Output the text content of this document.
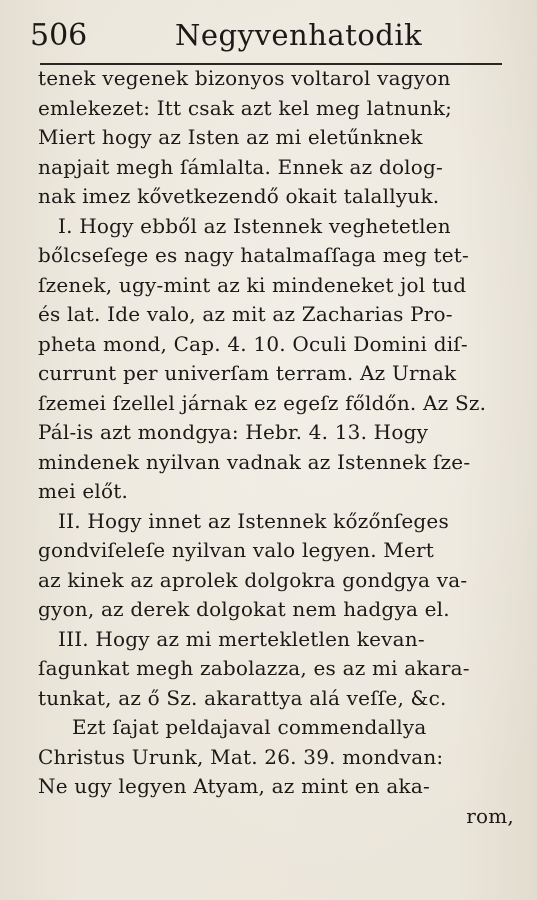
506	Negyvenhatodik
tenek vegenek bizonyos voltarol vagyon
emlekezet: Itt csak azt kel meg latnunk;
Miert hogy az Isten az mi eletűnknek
napjait megh ſámlalta. Ennek az dolog-
nak imez kővetkezendő okait talallyuk.
I. Hogy ebből az Istennek veghetetlen
bőlcseſege es nagy hatalmaſſaga meg tet-
ſzenek, ugy-mint az ki mindeneket jol tud
és lat. Ide valo, az mit az Zacharias Pro-
pheta mond, Cap. 4. 10. Oculi Domini diſ-
currunt per univerſam terram. Az Urnak
ſzemei ſzellel járnak ez egeſz főldőn. Az Sz.
Pál-is azt mondgya: Hebr. 4. 13. Hogy
mindenek nyilvan vadnak az Istennek ſze-
mei előt.
II. Hogy innet az Istennek kőzőnſeges
gondviſeleſe nyilvan valo legyen. Mert
az kinek az aprolek dolgokra gondgya va-
gyon, az derek dolgokat nem hadgya el.
III. Hogy az mi mertekletlen kevan-
ſagunkat megh zabolazza, es az mi akara-
tunkat, az ő Sz. akarattya alá veſſe, &c.
Ezt ſajat peldajaval commendallya
Christus Urunk, Mat. 26. 39. mondvan:
Ne ugy legyen Atyam, az mint en aka-
rom,
